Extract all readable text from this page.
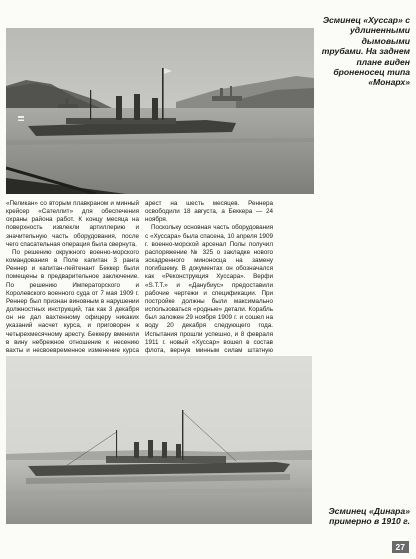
Эсминец «Хуссар» с удлиненными дымовыми трубами. На заднем плане виден броненосец типа «Монарх»

«Пеликан» со вторым плавкраном и минный крейсер «Сателлит» для обеспечения охраны района работ. К концу месяца на поверхность извлекли артиллерию и значительную часть оборудования, после чего спасательная операция была свернута.

По решению окружного военно-морского командования в Поле капитан 3 ранга Реннер и капитан-лейтенант Беккер были помещены в предварительное заключение. По решению Императорского и Королевского военного суда от 7 мая 1909 г. Реннер был признан виновным в нарушении должностных инструкций, так как 3 декабря он не дал вахтенному офицеру никаких указаний насчет курса, и приговорен к четырехмесячному аресту. Беккеру вменили в вину небрежное отношение к несению вахты и несвоевременное изменение курса

арест на шесть месяцев. Реннера освободили 18 августа, а Беккера — 24 ноября.

Поскольку основная часть оборудования с «Хуссара» была спасена, 10 апреля 1909 г. военно-морской арсенал Полы получил распоряжение № 325 о закладке нового эскадренного миноносца на замену погибшему. В документах он обозначался как «Реконструкция Хуссара». Верфи «S.T.T.» и «Данубиус» предоставили рабочие чертежи и спецификации. При постройке должны были максимально использоваться «родные» детали. Корабль был заложен 29 ноября 1909 г. и сошел на воду 20 декабря следующего года. Испытания прошли успешно, и 8 февраля 1911 г. новый «Хуссар» вошел в состав флота, вернув минным силам штатную

Эсминец «Динара» примерно в 1910 г.
27
